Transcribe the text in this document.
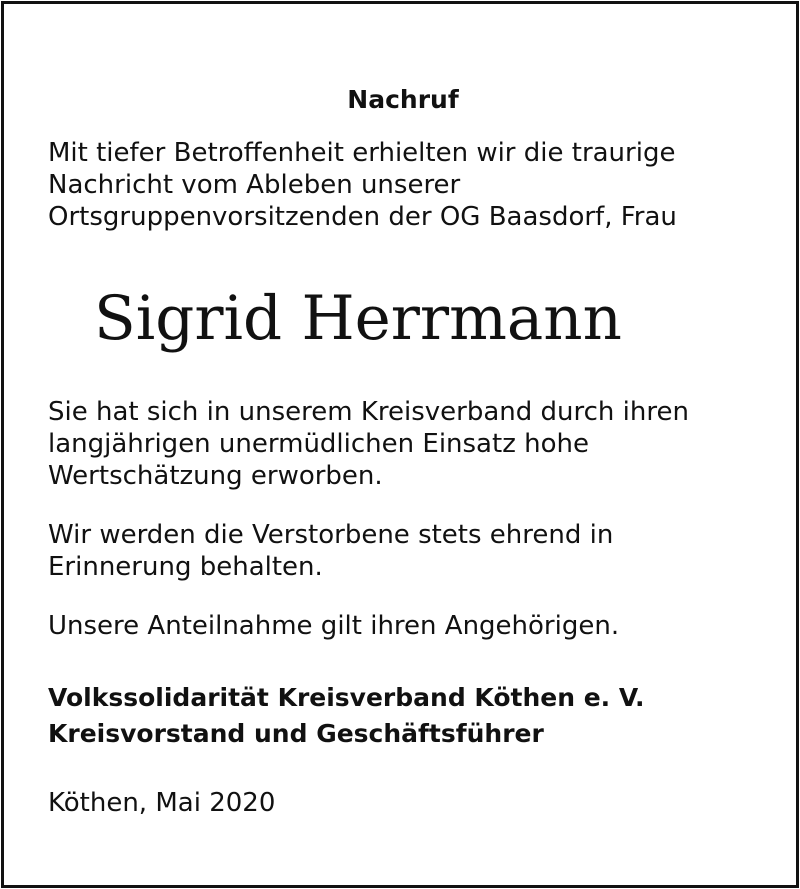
Nachruf

Mit tiefer Betroffenheit erhielten wir die traurige
Nachricht vom Ableben unserer
Ortsgruppenvorsitzenden der OG Baasdorf, Frau

Sigrid Herrmann

Sie hat sich in unserem Kreisverband durch ihren
langjährigen unermüdlichen Einsatz hohe
Wertschätzung erworben.

Wir werden die Verstorbene stets ehrend in
Erinnerung behalten.

Unsere Anteilnahme gilt ihren Angehörigen.

Volkssolidarität Kreisverband Köthen e. V.
Kreisvorstand und Geschäftsführer
Köthen, Mai 2020
